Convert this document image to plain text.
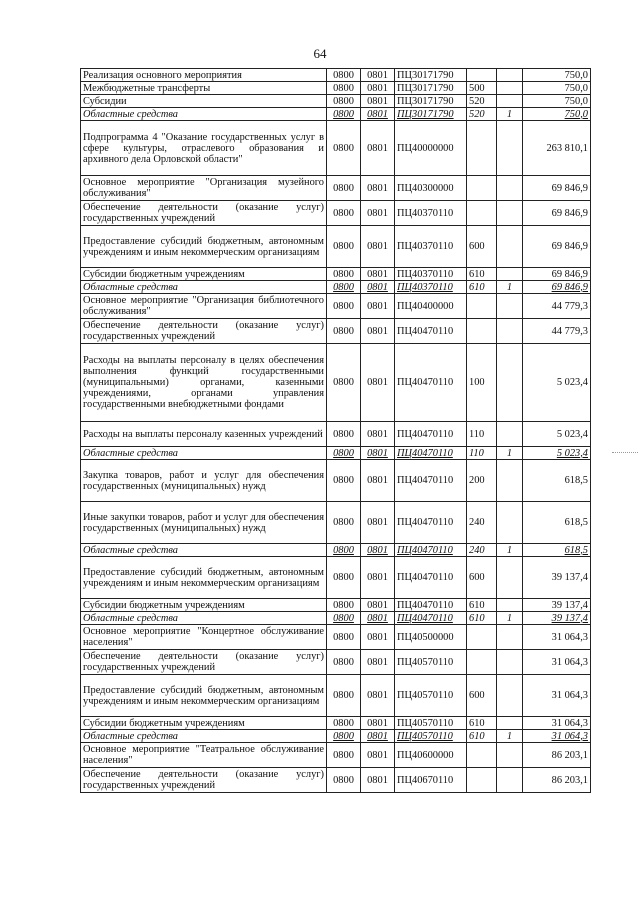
64
Реализация основного мероприятия	0800	0801	ПЦ30171790			750,0
Межбюджетные трансферты	0800	0801	ПЦ30171790	500		750,0
Субсидии	0800	0801	ПЦ30171790	520		750,0
Областные средства	0800	0801	ПЦ30171790	520	1	750,0
Подпрограмма 4 "Оказание государственных услуг в сфере культуры, отраслевого образования и архивного дела Орловской области"	0800	0801	ПЦ40000000			263 810,1
Основное мероприятие "Организация музейного обслуживания"	0800	0801	ПЦ40300000			69 846,9
Обеспечение деятельности (оказание услуг) государственных учреждений	0800	0801	ПЦ40370110			69 846,9
Предоставление субсидий бюджетным, автономным учреждениям и иным некоммерческим организациям	0800	0801	ПЦ40370110	600		69 846,9
Субсидии бюджетным учреждениям	0800	0801	ПЦ40370110	610		69 846,9
Областные средства	0800	0801	ПЦ40370110	610	1	69 846,9
Основное мероприятие "Организация библиотечного обслуживания"	0800	0801	ПЦ40400000			44 779,3
Обеспечение деятельности (оказание услуг) государственных учреждений	0800	0801	ПЦ40470110			44 779,3
Расходы на выплаты персоналу в целях обеспечения выполнения функций государственными (муниципальными) органами, казенными учреждениями, органами управления государственными внебюджетными фондами	0800	0801	ПЦ40470110	100		5 023,4
Расходы на выплаты персоналу казенных учреждений	0800	0801	ПЦ40470110	110		5 023,4
Областные средства	0800	0801	ПЦ40470110	110	1	5 023,4
Закупка товаров, работ и услуг для обеспечения государственных (муниципальных) нужд	0800	0801	ПЦ40470110	200		618,5
Иные закупки товаров, работ и услуг для обеспечения государственных (муниципальных) нужд	0800	0801	ПЦ40470110	240		618,5
Областные средства	0800	0801	ПЦ40470110	240	1	618,5
Предоставление субсидий бюджетным, автономным учреждениям и иным некоммерческим организациям	0800	0801	ПЦ40470110	600		39 137,4
Субсидии бюджетным учреждениям	0800	0801	ПЦ40470110	610		39 137,4
Областные средства	0800	0801	ПЦ40470110	610	1	39 137,4
Основное мероприятие "Концертное обслуживание населения"	0800	0801	ПЦ40500000			31 064,3
Обеспечение деятельности (оказание услуг) государственных учреждений	0800	0801	ПЦ40570110			31 064,3
Предоставление субсидий бюджетным, автономным учреждениям и иным некоммерческим организациям	0800	0801	ПЦ40570110	600		31 064,3
Субсидии бюджетным учреждениям	0800	0801	ПЦ40570110	610		31 064,3
Областные средства	0800	0801	ПЦ40570110	610	1	31 064,3
Основное мероприятие "Театральное обслуживание населения"	0800	0801	ПЦ40600000			86 203,1
Обеспечение деятельности (оказание услуг) государственных учреждений	0800	0801	ПЦ40670110			86 203,1
